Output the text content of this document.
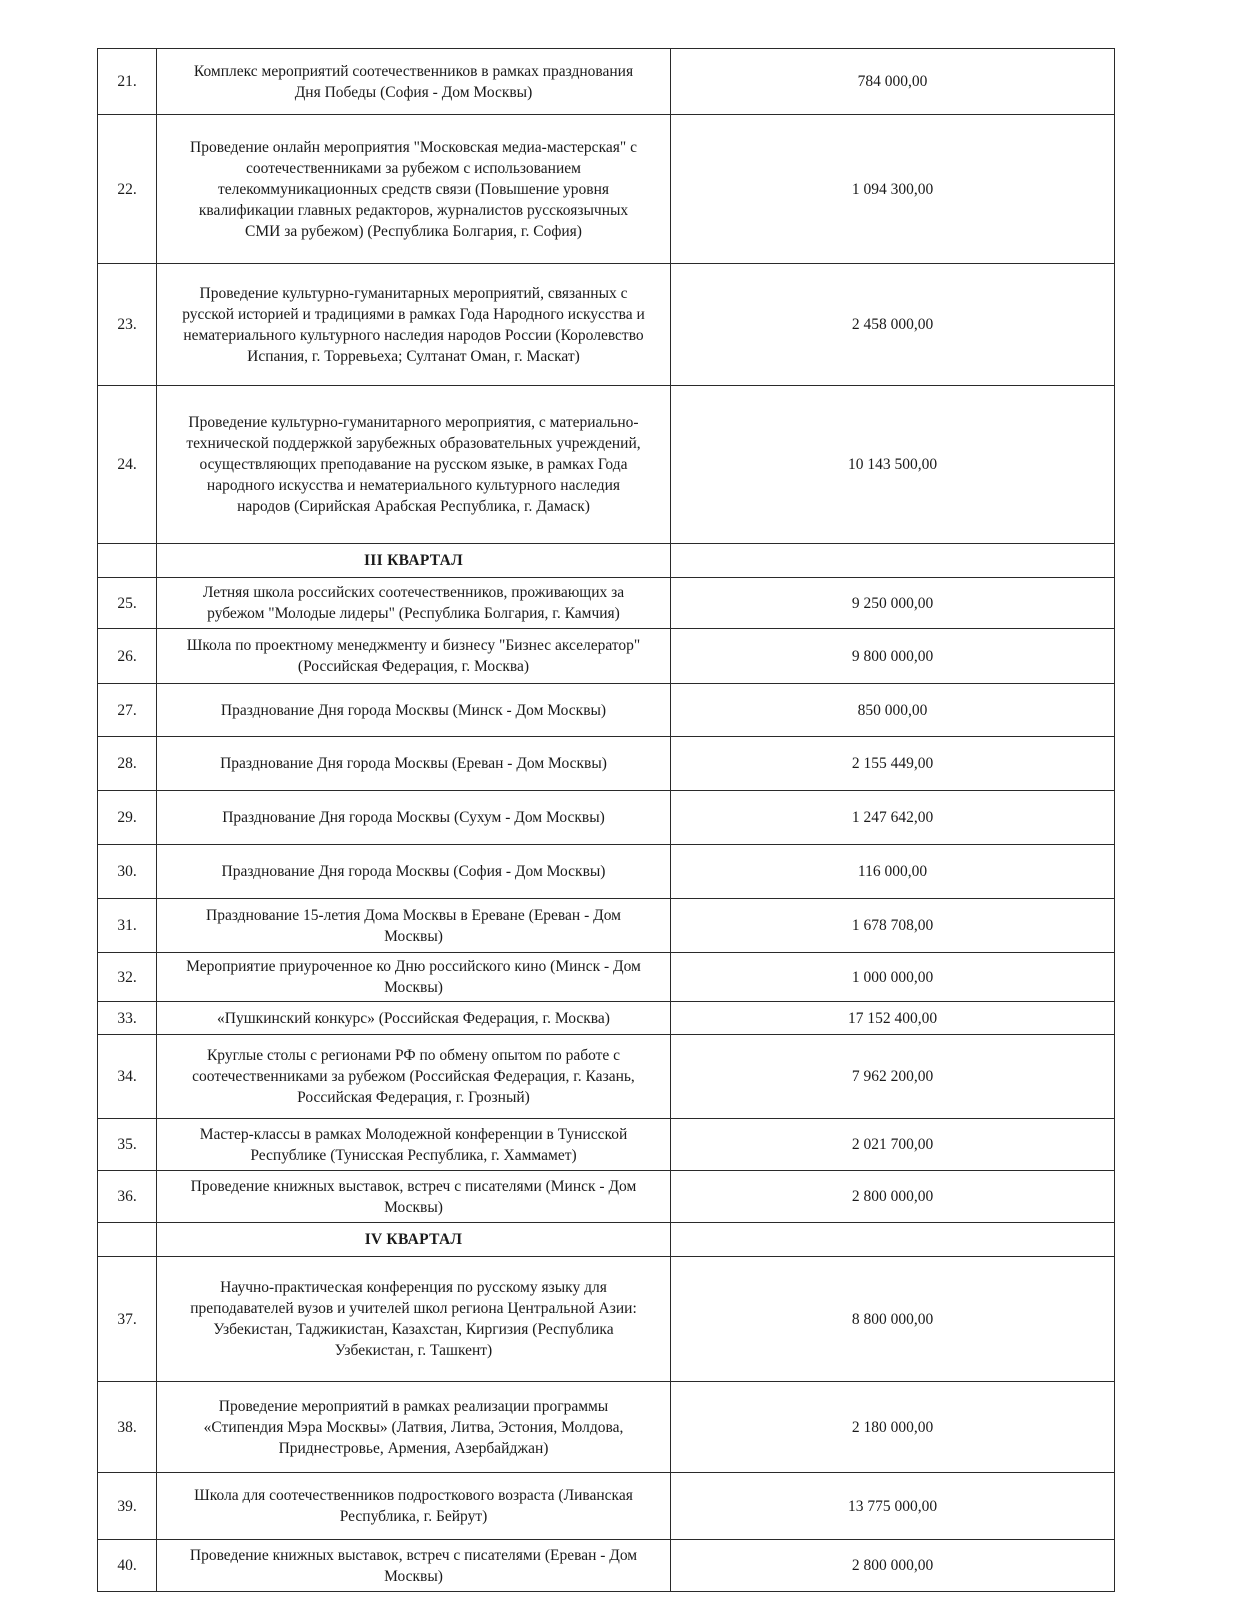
21.	Комплекс мероприятий соотечественников в рамках празднования
Дня Победы (София - Дом Москвы)	784 000,00
22.	Проведение онлайн мероприятия "Московская медиа-мастерская" с
соотечественниками за рубежом с использованием
телекоммуникационных средств связи (Повышение уровня
квалификации главных редакторов, журналистов русскоязычных
СМИ за рубежом) (Республика Болгария, г. София)	1 094 300,00
23.	Проведение культурно-гуманитарных мероприятий, связанных с
русской историей и традициями в рамках Года Народного искусства и
нематериального культурного наследия народов России (Королевство
Испания, г. Торревьеха; Султанат Оман, г. Маскат)	2 458 000,00
24.	Проведение культурно-гуманитарного мероприятия, с материально-
технической поддержкой зарубежных образовательных учреждений,
осуществляющих преподавание на русском языке, в рамках Года
народного искусства и нематериального культурного наследия
народов (Сирийская Арабская Республика, г. Дамаск)	10 143 500,00
	III КВАРТАЛ	
25.	Летняя школа российских соотечественников, проживающих за
рубежом "Молодые лидеры" (Республика Болгария, г. Камчия)	9 250 000,00
26.	Школа по проектному менеджменту и бизнесу "Бизнес акселератор"
(Российская Федерация, г. Москва)	9 800 000,00
27.	Празднование Дня города Москвы (Минск - Дом Москвы)	850 000,00
28.	Празднование Дня города Москвы (Ереван - Дом Москвы)	2 155 449,00
29.	Празднование Дня города Москвы (Сухум - Дом Москвы)	1 247 642,00
30.	Празднование Дня города Москвы (София - Дом Москвы)	116 000,00
31.	Празднование 15-летия Дома Москвы в Ереване (Ереван - Дом
Москвы)	1 678 708,00
32.	Мероприятие приуроченное ко Дню российского кино (Минск - Дом
Москвы)	1 000 000,00
33.	«Пушкинский конкурс» (Российская Федерация, г. Москва)	17 152 400,00
34.	Круглые столы с регионами РФ по обмену опытом по работе с
соотечественниками за рубежом (Российская Федерация, г. Казань,
Российская Федерация, г. Грозный)	7 962 200,00
35.	Мастер-классы в рамках Молодежной конференции в Тунисской
Республике (Тунисская Республика, г. Хаммамет)	2 021 700,00
36.	Проведение книжных выставок, встреч с писателями (Минск - Дом
Москвы)	2 800 000,00
	IV КВАРТАЛ	
37.	Научно-практическая конференция по русскому языку для
преподавателей вузов и учителей школ региона Центральной Азии:
Узбекистан, Таджикистан, Казахстан, Киргизия (Республика
Узбекистан, г. Ташкент)	8 800 000,00
38.	Проведение мероприятий в рамках реализации программы
«Стипендия Мэра Москвы» (Латвия, Литва, Эстония, Молдова,
Приднестровье, Армения, Азербайджан)	2 180 000,00
39.	Школа для соотечественников подросткового возраста (Ливанская
Республика, г. Бейрут)	13 775 000,00
40.	Проведение книжных выставок, встреч с писателями (Ереван - Дом
Москвы)	2 800 000,00
